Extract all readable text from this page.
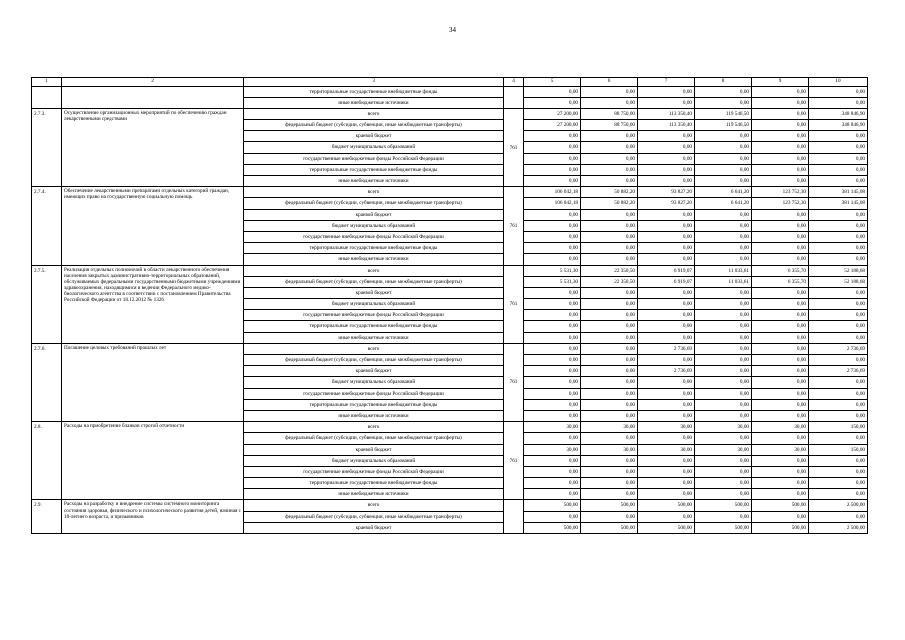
34
1	2	3	4	5	6	7	8	9	10
		территориальные государственные внебюджетные фонды		0,00	0,00	0,00	0,00	0,00	0,00
		иные внебюджетные источники		0,00	0,00	0,00	0,00	0,00	0,00
2.7.3.	Осуществление организационных мероприятий по обеспечению граждан лекарственными средствами	всего	761	27 200,00	88 750,00	113 350,40	119 546,50	0,00	348 846,90
		федеральный бюджет (субсидии, субвенции, иные межбюджетные трансферты)		27 200,00	88 750,00	113 350,40	119 546,50	0,00	348 846,90
		краевой бюджет		0,00	0,00	0,00	0,00	0,00	0,00
		бюджет муниципальных образований		0,00	0,00	0,00	0,00	0,00	0,00
		государственные внебюджетные фонды Российской Федерации		0,00	0,00	0,00	0,00	0,00	0,00
		территориальные государственные внебюджетные фонды		0,00	0,00	0,00	0,00	0,00	0,00
		иные внебюджетные источники		0,00	0,00	0,00	0,00	0,00	0,00
2.7.4.	Обеспечение лекарственными препаратами отдельных категорий граждан, имеющих право на государственную социальную помощь	всего	761	106 042,18	50 882,20	93 827,20	6 641,20	123 752,30	381 145,08
		федеральный бюджет (субсидии, субвенции, иные межбюджетные трансферты)		106 042,18	50 882,20	93 827,20	6 641,20	123 752,30	381 145,08
		краевой бюджет		0,00	0,00	0,00	0,00	0,00	0,00
		бюджет муниципальных образований		0,00	0,00	0,00	0,00	0,00	0,00
		государственные внебюджетные фонды Российской Федерации		0,00	0,00	0,00	0,00	0,00	0,00
		территориальные государственные внебюджетные фонды		0,00	0,00	0,00	0,00	0,00	0,00
		иные внебюджетные источники		0,00	0,00	0,00	0,00	0,00	0,00
2.7.5.	Реализация отдельных полномочий в области лекарственного обеспечения населения закрытых административно-территориальных образований, обслуживаемых федеральными государственными бюджетными учреждениями здравоохранения, находящимися в ведении Федерального медико-биологического агентства в соответствии с постановлением Правительства Российской Федерации от 18.12.2012 № 1326	всего	761	5 531,30	22 350,50	6 919,07	11 033,61	6 355,70	52 188,68
		федеральный бюджет (субсидии, субвенции, иные межбюджетные трансферты)		5 531,30	22 350,50	6 919,07	11 033,61	6 355,70	52 188,68
		краевой бюджет		0,00	0,00	0,00	0,00	0,00	0,00
		бюджет муниципальных образований		0,00	0,00	0,00	0,00	0,00	0,00
		государственные внебюджетные фонды Российской Федерации		0,00	0,00	0,00	0,00	0,00	0,00
		территориальные государственные внебюджетные фонды		0,00	0,00	0,00	0,00	0,00	0,00
		иные внебюджетные источники		0,00	0,00	0,00	0,00	0,00	0,00
2.7.6.	Погашение целовых требований прошлых лет	всего	761	0,00	0,00	2 736,69	0,00	0,00	2 736,69
		федеральный бюджет (субсидии, субвенции, иные межбюджетные трансферты)		0,00	0,00	0,00	0,00	0,00	0,00
		краевой бюджет		0,00	0,00	2 736,69	0,00	0,00	2 736,69
		бюджет муниципальных образований		0,00	0,00	0,00	0,00	0,00	0,00
		государственные внебюджетные фонды Российской Федерации		0,00	0,00	0,00	0,00	0,00	0,00
		территориальные государственные внебюджетные фонды		0,00	0,00	0,00	0,00	0,00	0,00
		иные внебюджетные источники		0,00	0,00	0,00	0,00	0,00	0,00
2.8.	Расходы на приобретение бланков строгой отчетности	всего	761	30,00	30,00	30,00	30,00	30,00	150,00
		федеральный бюджет (субсидии, субвенции, иные межбюджетные трансферты)		0,00	0,00	0,00	0,00	0,00	0,00
		краевой бюджет		30,00	30,00	30,00	30,00	30,00	150,00
		бюджет муниципальных образований		0,00	0,00	0,00	0,00	0,00	0,00
		государственные внебюджетные фонды Российской Федерации		0,00	0,00	0,00	0,00	0,00	0,00
		территориальные государственные внебюджетные фонды		0,00	0,00	0,00	0,00	0,00	0,00
		иные внебюджетные источники		0,00	0,00	0,00	0,00	0,00	0,00
2.9.	Расходы на разработку и внедрение системы системного мониторинга состояния здоровья, физического и психологического развития детей, начиная с 10-летнего возраста, и призывников	всего		500,00	500,00	500,00	500,00	500,00	2 500,00
		федеральный бюджет (субсидии, субвенции, иные межбюджетные трансферты)		0,00	0,00	0,00	0,00	0,00	0,00
		краевой бюджет		500,00	500,00	500,00	500,00	500,00	2 500,00
